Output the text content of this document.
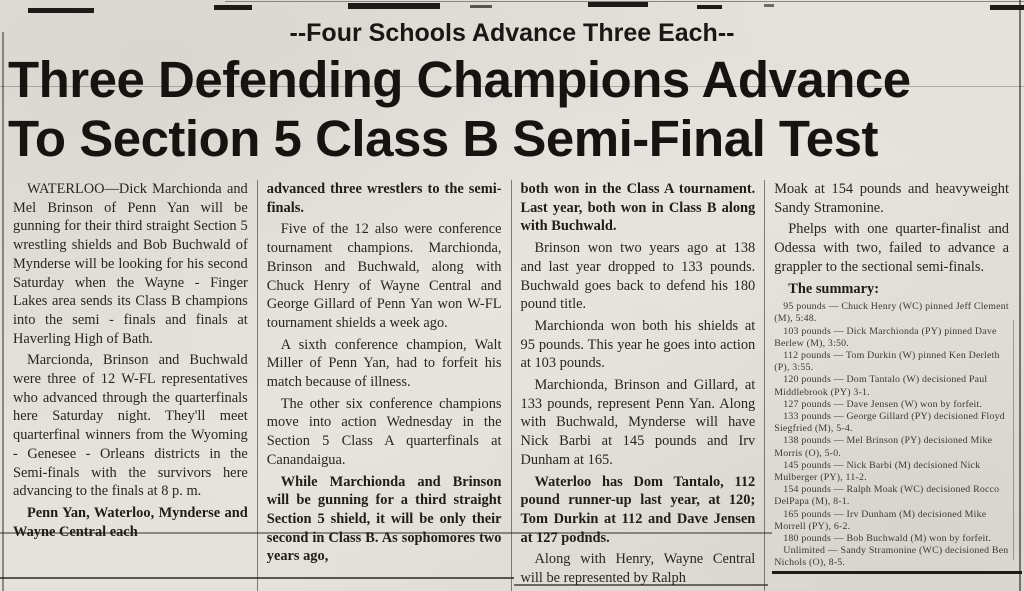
--Four Schools Advance Three Each--
Three Defending Champions Advance
To Section 5 Class B Semi-Final Test

WATERLOO—Dick Marchionda and Mel Brinson of Penn Yan will be gunning for their third straight Section 5 wrestling shields and Bob Buchwald of Mynderse will be looking for his second Saturday when the Wayne - Finger Lakes area sends its Class B champions into the semi - finals and finals at Haverling High of Bath.

Marcionda, Brinson and Buchwald were three of 12 W-FL representatives who advanced through the quarterfinals here Saturday night. They'll meet quarterfinal winners from the Wyoming - Genesee - Orleans districts in the Semi-finals with the survivors here advancing to the finals at 8 p. m.

Penn Yan, Waterloo, Mynderse and Wayne Central each

advanced three wrestlers to the semi-finals.

Five of the 12 also were conference tournament champions. Marchionda, Brinson and Buchwald, along with Chuck Henry of Wayne Central and George Gillard of Penn Yan won W-FL tournament shields a week ago.

A sixth conference champion, Walt Miller of Penn Yan, had to forfeit his match because of illness.

The other six conference champions move into action Wednesday in the Section 5 Class A quarterfinals at Canandaigua.

While Marchionda and Brinson will be gunning for a third straight Section 5 shield, it will be only their second in Class B. As sophomores two years ago,

both won in the Class A tournament. Last year, both won in Class B along with Buchwald.

Brinson won two years ago at 138 and last year dropped to 133 pounds. Buchwald goes back to defend his 180 pound title.

Marchionda won both his shields at 95 pounds. This year he goes into action at 103 pounds.

Marchionda, Brinson and Gillard, at 133 pounds, represent Penn Yan. Along with Buchwald, Mynderse will have Nick Barbi at 145 pounds and Irv Dunham at 165.

Waterloo has Dom Tantalo, 112 pound runner-up last year, at 120; Tom Durkin at 112 and Dave Jensen at 127 podnds.

Along with Henry, Wayne Central will be represented by Ralph

Moak at 154 pounds and heavyweight Sandy Stramonine.

Phelps with one quarter-finalist and Odessa with two, failed to advance a grappler to the sectional semi-finals.

The summary:

95 pounds — Chuck Henry (WC) pinned Jeff Clement (M), 5:48.

103 pounds — Dick Marchionda (PY) pinned Dave Berlew (M), 3:50.

112 pounds — Tom Durkin (W) pinned Ken Derleth (P), 3:55.

120 pounds — Dom Tantalo (W) decisioned Paul Middlebrook (PY) 3-1.

127 pounds — Dave Jensen (W) won by forfeit.

133 pounds — George Gillard (PY) decisioned Floyd Siegfried (M), 5-4.

138 pounds — Mel Brinson (PY) decisioned Mike Morris (O), 5-0.

145 pounds — Nick Barbi (M) decisioned Nick Mulberger (PY), 11-2.

154 pounds — Ralph Moak (WC) decisioned Rocco DelPapa (M), 8-1.

165 pounds — Irv Dunham (M) decisioned Mike Morrell (PY), 6-2.

180 pounds — Bob Buchwald (M) won by forfeit.

Unlimited — Sandy Stramonine (WC) decisioned Ben Nichols (O), 8-5.
